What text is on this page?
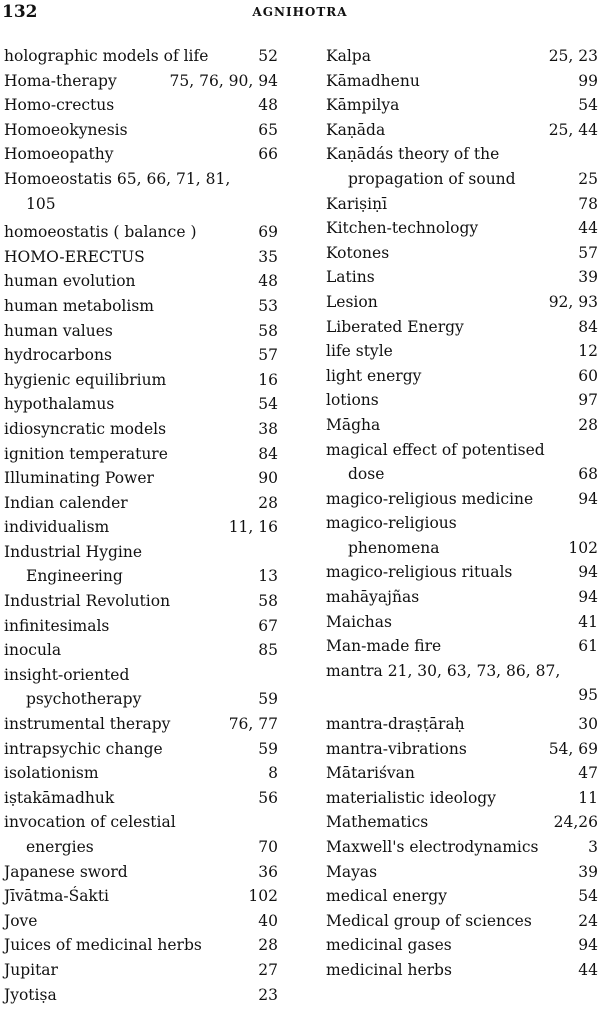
132	AGNIHOTRA
holographic models of life	52
Homa-therapy	75, 76, 90, 94
Homo-crectus	48
Homoeokynesis	65
Homoeopathy	66
Homoeostatis 65, 66, 71, 81,
105
homoeostatis ( balance )	69
HOMO-ERECTUS	35
human evolution	48
human metabolism	53
human values	58
hydrocarbons	57
hygienic equilibrium	16
hypothalamus	54
idiosyncratic models	38
ignition temperature	84
Illuminating Power	90
Indian calender	28
individualism	11, 16
Industrial Hygine
Engineering	13
Industrial Revolution	58
infinitesimals	67
inocula	85
insight-oriented
psychotherapy	59
instrumental therapy	76, 77
intrapsychic change	59
isolationism	8
iṣtakāmadhuk	56
invocation of celestial
energies	70
Japanese sword	36
Jīvātma-Śakti	102
Jove	40
Juices of medicinal herbs	28
Jupitar	27
Jyotiṣa	23
Kalpa	25, 23
Kāmadhenu	99
Kāmpilya	54
Kaṇāda	25, 44
Kaṇādás theory of the
propagation of sound	25
Kariṣiṇī	78
Kitchen-technology	44
Kotones	57
Latins	39
Lesion	92, 93
Liberated Energy	84
life style	12
light energy	60
lotions	97
Māgha	28
magical effect of potentised
dose	68
magico-religious medicine	94
magico-religious
phenomena	102
magico-religious rituals	94
mahāyajñas	94
Maichas	41
Man-made fire	61
mantra 21, 30, 63, 73, 86, 87,

95
mantra-draṣṭāraḥ	30
mantra-vibrations	54, 69
Mātariśvan	47
materialistic ideology	11
Mathematics	24,26
Maxwell's electrodynamics	3
Mayas	39
medical energy	54
Medical group of sciences	24
medicinal gases	94
medicinal herbs	44
